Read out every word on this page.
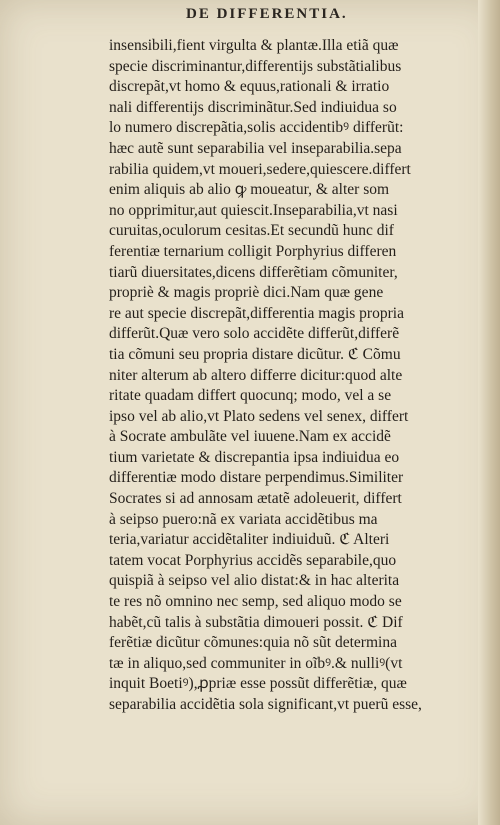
DE DIFFERENTIA.
insensibili,fient virgulta & plantæ.Illa etiã quæ
specie discriminantur,differentijs substãtialibus
discrepãt,vt homo & equus,rationali & irratio
nali differentijs discriminãtur.Sed indiuidua so
lo numero discrepãtia,solis accidentibꝰ differũt:
hæc autẽ sunt separabilia vel inseparabilia.sepa
rabilia quidem,vt moueri,sedere,quiescere.differt
enim aliquis ab alio ꝙ moueatur, & alter som
no opprimitur,aut quiescit.Inseparabilia,vt nasi
curuitas,oculorum cesitas.Et secundũ hunc dif
ferentiæ ternarium colligit Porphyrius differen
tiarũ diuersitates,dicens differẽtiam cõmuniter,
propriè & magis propriè dici.Nam quæ gene
re aut specie discrepãt,differentia magis propria
differũt.Quæ vero solo accidẽte differũt,differẽ
tia cõmuni seu propria distare dicũtur. ℭ Cõmu
niter alterum ab altero differre dicitur:quod alte
ritate quadam differt quocunq; modo, vel a se
ipso vel ab alio,vt Plato sedens vel senex, differt
à Socrate ambulãte vel iuuene.Nam ex accidẽ
tium varietate & discrepantia ipsa indiuidua eo
differentiæ modo distare perpendimus.Similiter
Socrates si ad annosam ætatẽ adoleuerit, differt
à seipso puero:nã ex variata accidẽtibus ma
teria,variatur accidẽtaliter indiuiduũ. ℭ Alteri
tatem vocat Porphyrius accidẽs separabile,quo
quispiã à seipso vel alio distat:& in hac alterita
te res nõ omnino nec semp, sed aliquo modo se
habẽt,cũ talis à substãtia dimoueri possit. ℭ Dif
ferẽtiæ dicũtur cõmunes:quia nõ sũt determina
tæ in aliquo,sed communiter in oĩbꝰ.& nulliꝰ(vt
inquit Boetiꝰ),ꝓpriæ esse possũt differẽtiæ, quæ
separabilia accidẽtia sola significant,vt puerũ esse,
